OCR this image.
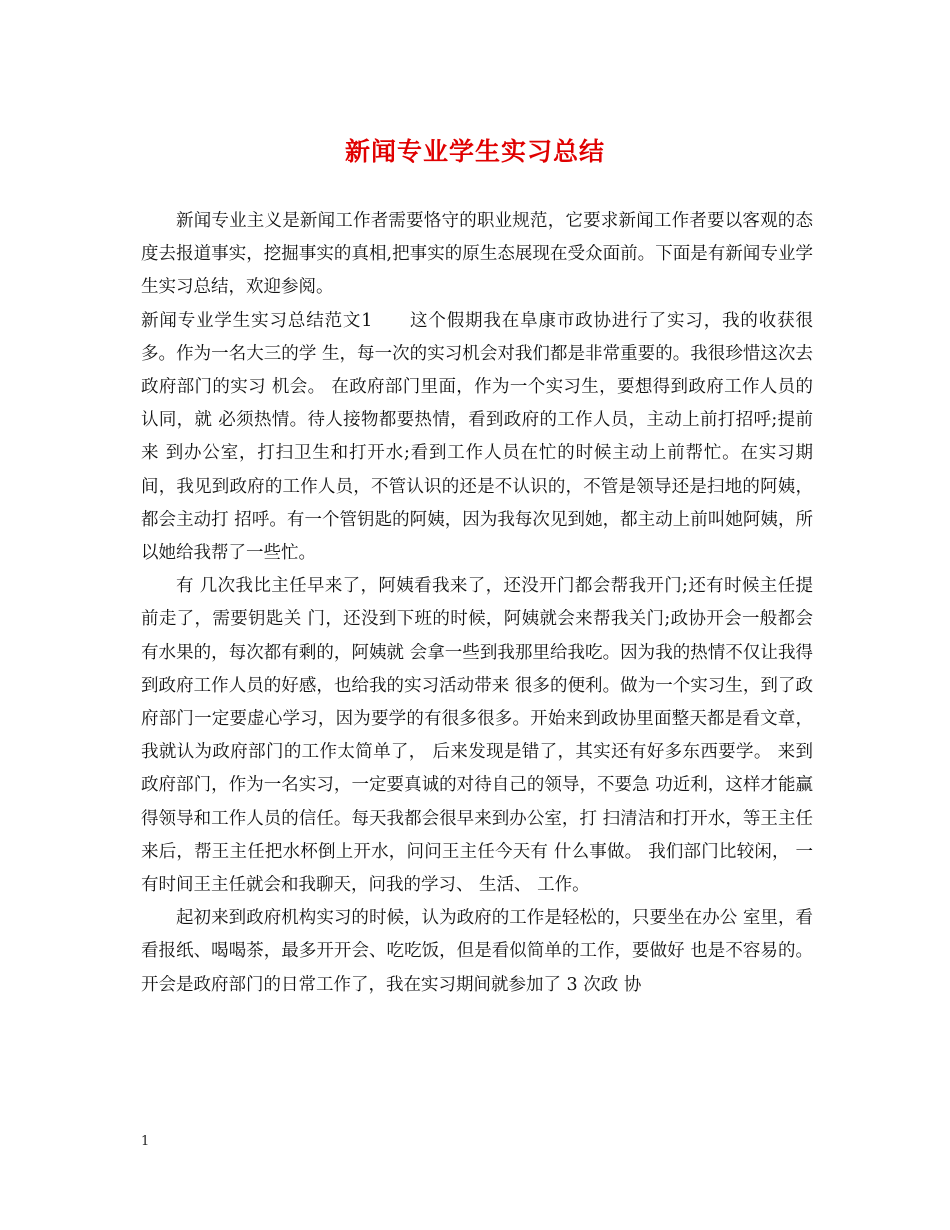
新闻专业学生实习总结

新闻专业主义是新闻工作者需要恪守的职业规范，它要求新闻工作者要以客观的态度去报道事实，挖掘事实的真相,把事实的原生态展现在受众面前。下面是有新闻专业学生实习总结，欢迎参阅。

新闻专业学生实习总结范文1　　这个假期我在阜康市政协进行了实习，我的收获很多。作为一名大三的学 生，每一次的实习机会对我们都是非常重要的。我很珍惜这次去政府部门的实习 机会。 在政府部门里面，作为一个实习生，要想得到政府工作人员的认同，就 必须热情。待人接物都要热情，看到政府的工作人员，主动上前打招呼;提前来 到办公室，打扫卫生和打开水;看到工作人员在忙的时候主动上前帮忙。在实习期间，我见到政府的工作人员，不管认识的还是不认识的，不管是领导还是扫地的阿姨，都会主动打 招呼。有一个管钥匙的阿姨，因为我每次见到她，都主动上前叫她阿姨，所以她给我帮了一些忙。

有 几次我比主任早来了，阿姨看我来了，还没开门都会帮我开门;还有时候主任提前走了，需要钥匙关 门，还没到下班的时候，阿姨就会来帮我关门;政协开会一般都会有水果的，每次都有剩的，阿姨就 会拿一些到我那里给我吃。因为我的热情不仅让我得到政府工作人员的好感，也给我的实习活动带来 很多的便利。做为一个实习生，到了政府部门一定要虚心学习，因为要学的有很多很多。开始来到政协里面整天都是看文章，我就认为政府部门的工作太简单了， 后来发现是错了，其实还有好多东西要学。 来到政府部门，作为一名实习，一定要真诚的对待自己的领导，不要急 功近利，这样才能赢得领导和工作人员的信任。每天我都会很早来到办公室，打 扫清洁和打开水，等王主任来后，帮王主任把水杯倒上开水，问问王主任今天有 什么事做。 我们部门比较闲， 一有时间王主任就会和我聊天，问我的学习、 生活、 工作。

起初来到政府机构实习的时候，认为政府的工作是轻松的，只要坐在办公 室里，看看报纸、喝喝茶，最多开开会、吃吃饭，但是看似简单的工作，要做好 也是不容易的。 开会是政府部门的日常工作了，我在实习期间就参加了 3 次政 协

1
